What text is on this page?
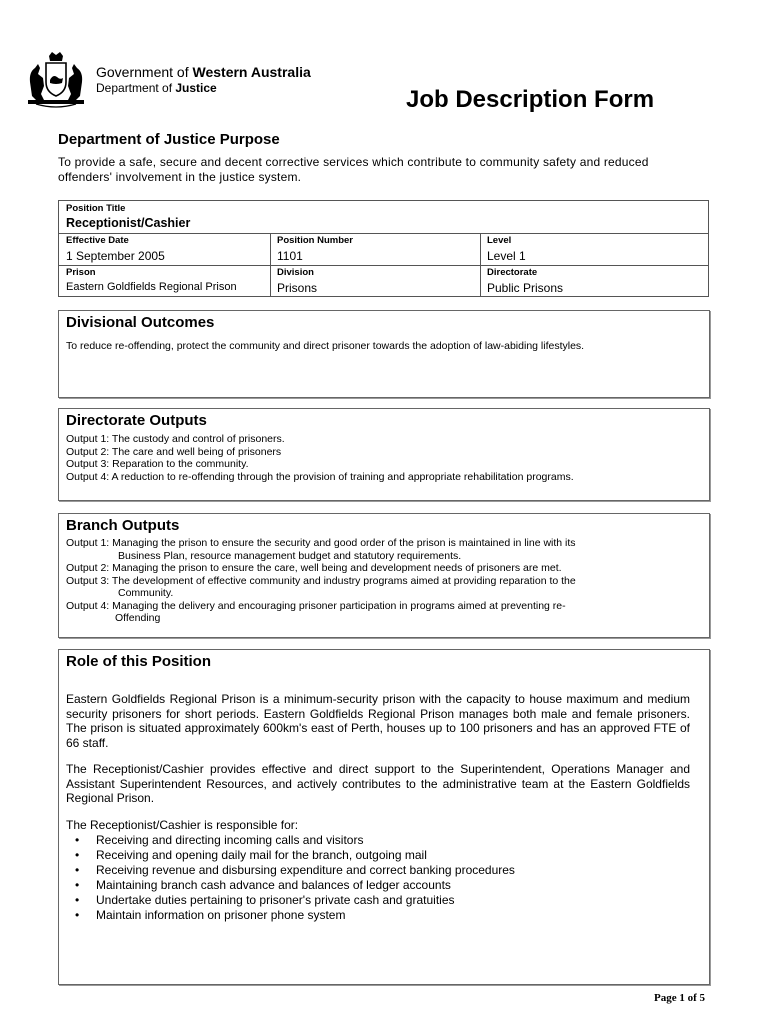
Government of Western Australia
Department of Justice	Job Description Form
Department of Justice Purpose
To provide a safe, secure and decent corrective services which contribute to community safety and reduced offenders' involvement in the justice system.
Position Title
Receptionist/Cashier
Effective Date
1 September 2005
Position Number
1101
Level
Level 1
Prison
Eastern Goldfields Regional Prison
Division
Prisons
Directorate
Public Prisons
Divisional Outcomes
To reduce re-offending, protect the community and direct prisoner towards the adoption of law-abiding lifestyles.
Directorate Outputs
Output 1: The custody and control of prisoners.
Output 2: The care and well being of prisoners
Output 3: Reparation to the community.
Output 4: A reduction to re-offending through the provision of training and appropriate rehabilitation programs.
Branch Outputs
Output 1: Managing the prison to ensure the security and good order of the prison is maintained in line with its
Business Plan, resource management budget and statutory requirements.
Output 2: Managing the prison to ensure the care, well being and development needs of prisoners are met.
Output 3: The development of effective community and industry programs aimed at providing reparation to the
Community.
Output 4: Managing the delivery and encouraging prisoner participation in programs aimed at preventing re-
Offending
Role of this Position
Eastern Goldfields Regional Prison is a minimum-security prison with the capacity to house maximum and medium security prisoners for short periods. Eastern Goldfields Regional Prison manages both male and female prisoners. The prison is situated approximately 600km's east of Perth, houses up to 100 prisoners and has an approved FTE of 66 staff.
The Receptionist/Cashier provides effective and direct support to the Superintendent, Operations Manager and Assistant Superintendent Resources, and actively contributes to the administrative team at the Eastern Goldfields Regional Prison.
The Receptionist/Cashier is responsible for:
• Receiving and directing incoming calls and visitors
• Receiving and opening daily mail for the branch, outgoing mail
• Receiving revenue and disbursing expenditure and correct banking procedures
• Maintaining branch cash advance and balances of ledger accounts
• Undertake duties pertaining to prisoner's private cash and gratuities
• Maintain information on prisoner phone system
Page 1 of 5
